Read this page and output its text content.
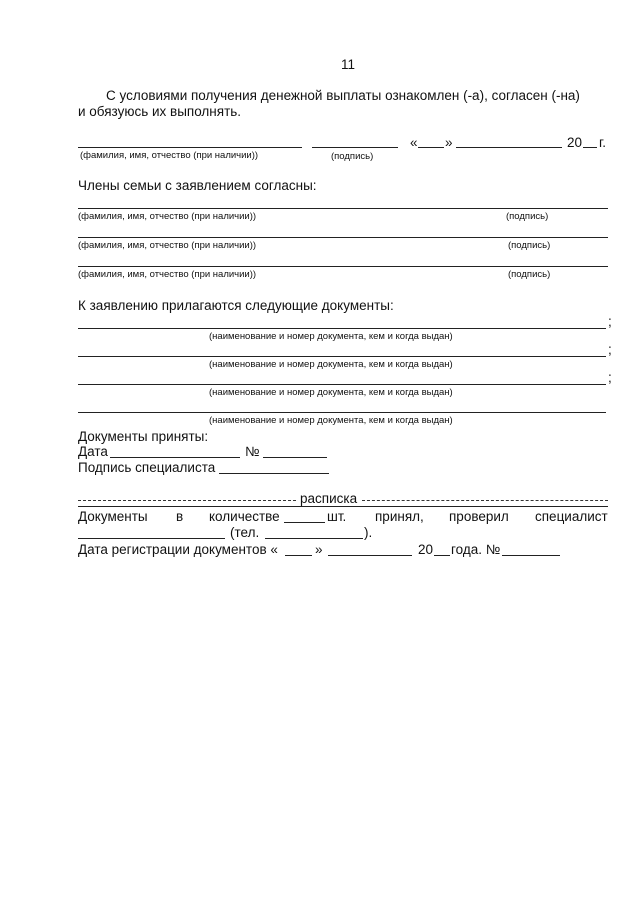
11
С условиями получения денежной выплаты ознакомлен (-а), согласен (-на)
и обязуюсь их выполнять.
« »	20 г.
(фамилия, имя, отчество (при наличии))	(подпись)
Члены семьи с заявлением согласны:
(фамилия, имя, отчество (при наличии))	(подпись)
(фамилия, имя, отчество (при наличии))	(подпись)
(фамилия, имя, отчество (при наличии))	(подпись)
К заявлению прилагаются следующие документы:
;
(наименование и номер документа, кем и когда выдан)
;
(наименование и номер документа, кем и когда выдан)
;
(наименование и номер документа, кем и когда выдан)
(наименование и номер документа, кем и когда выдан)
Документы приняты:
Дата	№
Подпись специалиста
расписка
Документы в количестве	шт. принял, проверил специалист
(тел.	).
Дата регистрации документов «	»	20 года. №
